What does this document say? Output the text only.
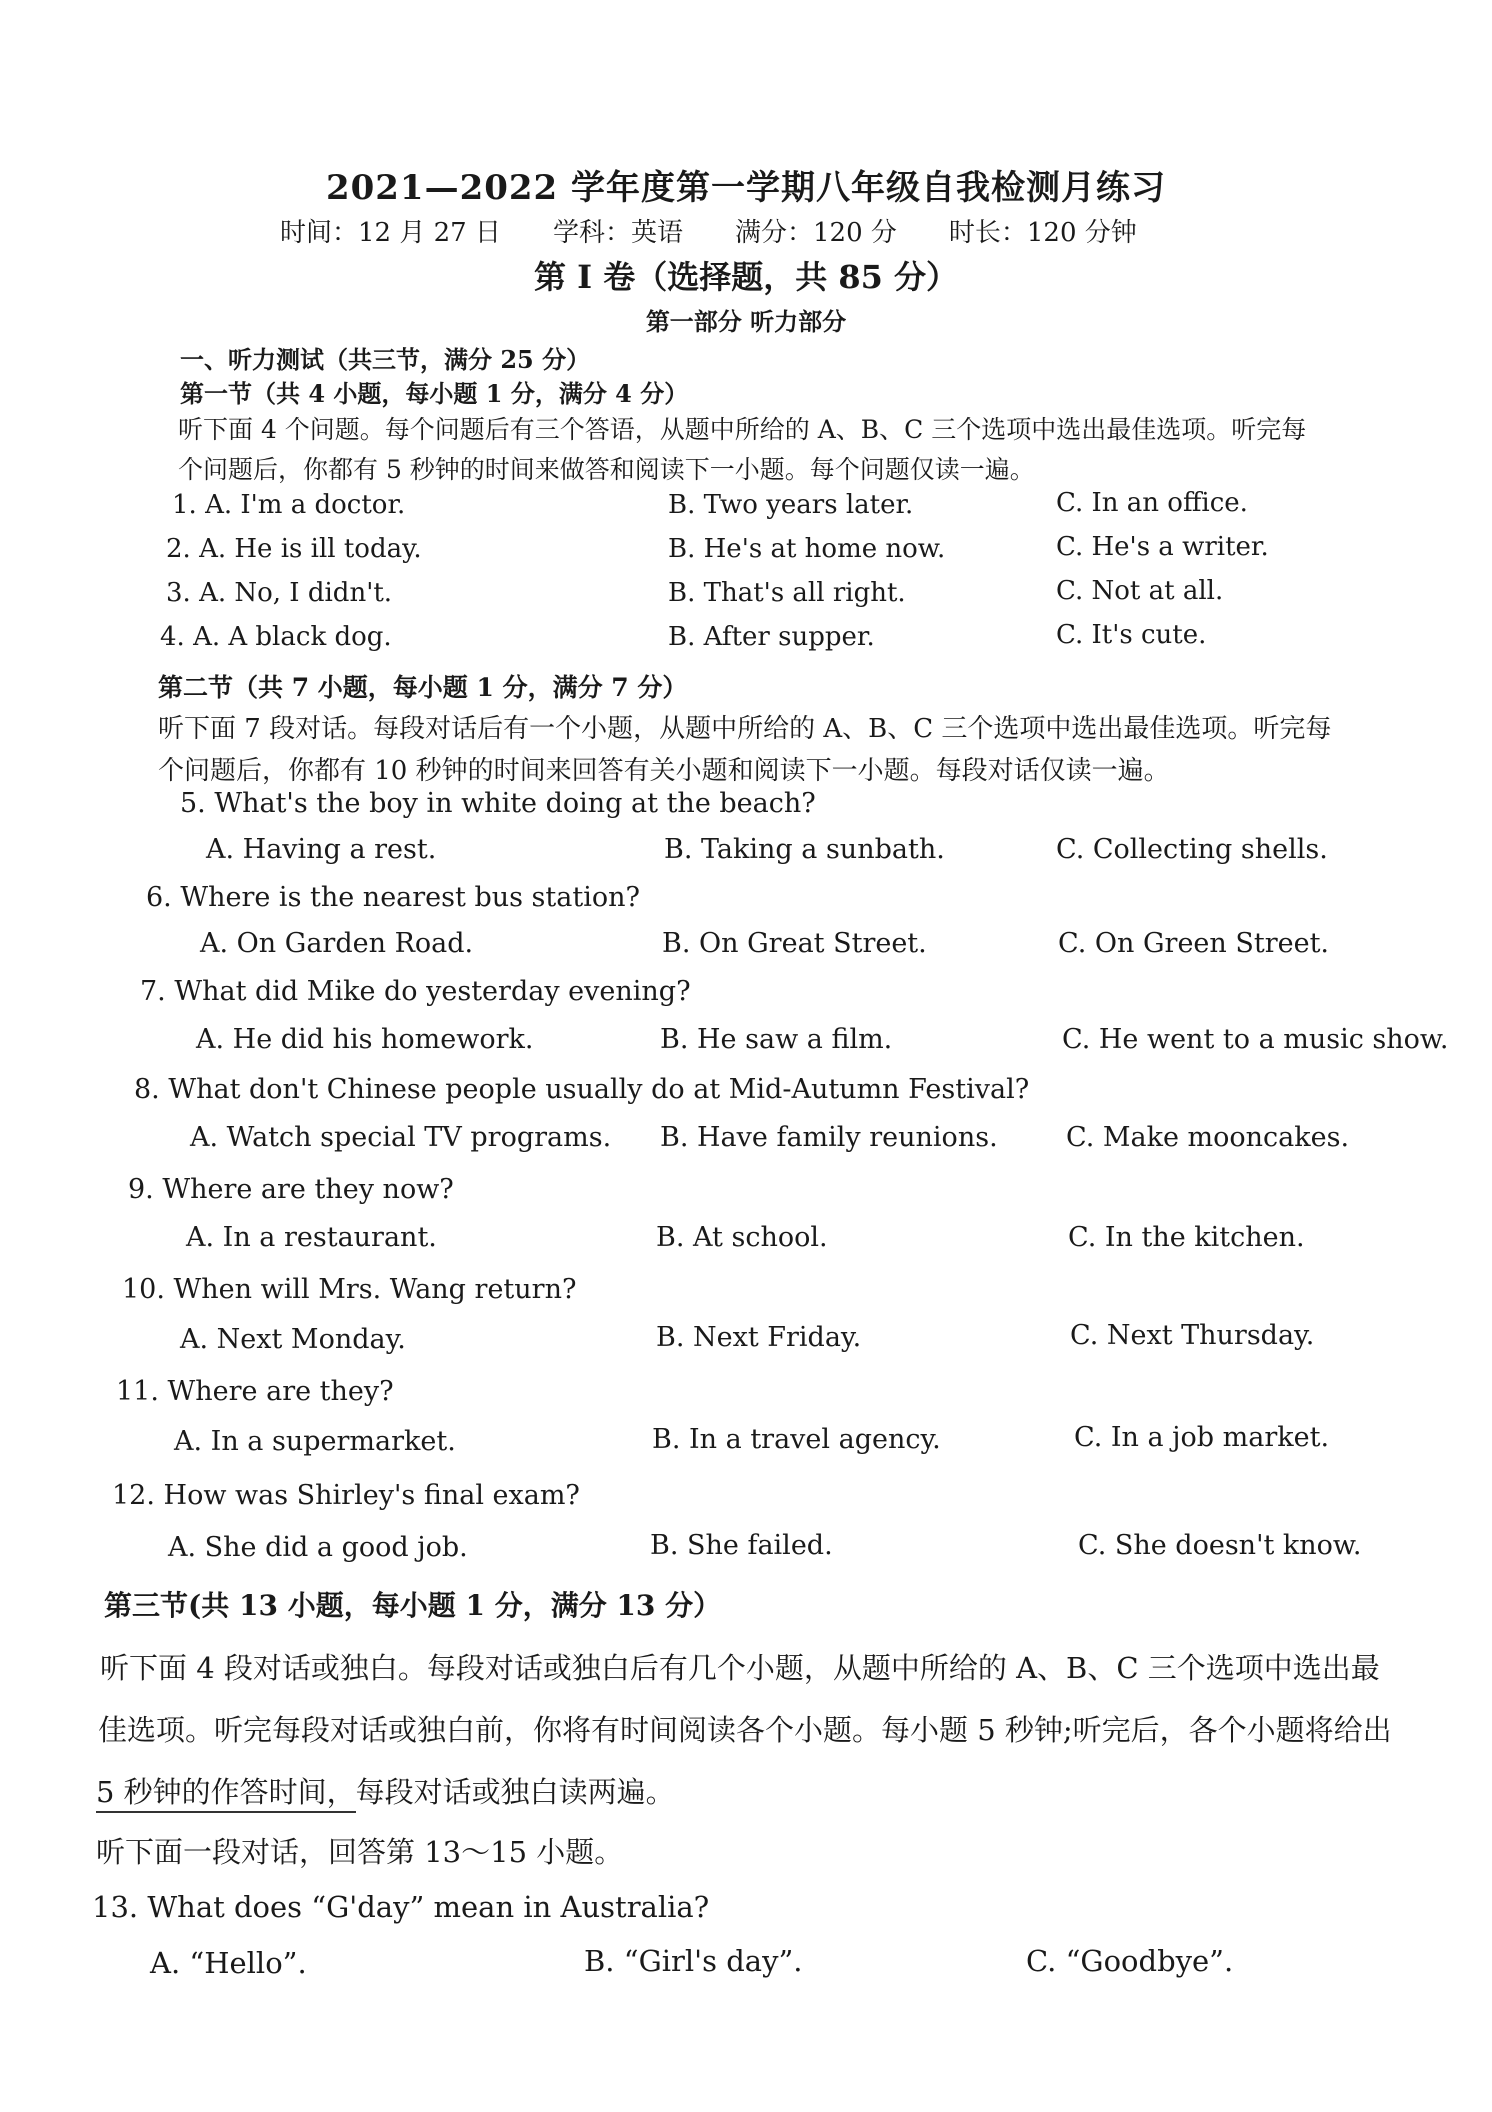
2021—2022 学年度第一学期八年级自我检测月练习
时间：12 月 27 日 学科：英语 满分：120 分 时长：120 分钟
第 I 卷（选择题，共 85 分）
第一部分 听力部分
一、听力测试（共三节，满分 25 分）
第一节（共 4 小题，每小题 1 分，满分 4 分）
听下面 4 个问题。每个问题后有三个答语，从题中所给的 A、B、C 三个选项中选出最佳选项。听完每
个问题后，你都有 5 秒钟的时间来做答和阅读下一小题。每个问题仅读一遍。
1. A. I'm a doctor.	B. Two years later.	C. In an office.
2. A. He is ill today.	B. He's at home now.	C. He's a writer.
3. A. No, I didn't.	B. That's all right.	C. Not at all.
4. A. A black dog.	B. After supper.	C. It's cute.
第二节（共 7 小题，每小题 1 分，满分 7 分）
听下面 7 段对话。每段对话后有一个小题，从题中所给的 A、B、C 三个选项中选出最佳选项。听完每
个问题后，你都有 10 秒钟的时间来回答有关小题和阅读下一小题。每段对话仅读一遍。
5. What's the boy in white doing at the beach?
A. Having a rest.	B. Taking a sunbath.	C. Collecting shells.
6. Where is the nearest bus station?
A. On Garden Road.	B. On Great Street.	C. On Green Street.
7. What did Mike do yesterday evening?
A. He did his homework.	B. He saw a film.	C. He went to a music show.
8. What don't Chinese people usually do at Mid-Autumn Festival?
A. Watch special TV programs. B. Have family reunions.	C. Make mooncakes.
9. Where are they now?
A. In a restaurant.	B. At school.	C. In the kitchen.
10. When will Mrs. Wang return?
A. Next Monday.	B. Next Friday.	C. Next Thursday.
11. Where are they?
A. In a supermarket.	B. In a travel agency.	C. In a job market.
12. How was Shirley's final exam?
A. She did a good job.	B. She failed.	C. She doesn't know.
第三节(共 13 小题，每小题 1 分，满分 13 分）
听下面 4 段对话或独白。每段对话或独白后有几个小题，从题中所给的 A、B、C 三个选项中选出最
佳选项。听完每段对话或独白前，你将有时间阅读各个小题。每小题 5 秒钟;听完后，各个小题将给出
5 秒钟的作答时间，每段对话或独白读两遍。
听下面一段对话，回答第 13～15 小题。
13. What does “G'day” mean in Australia?
A. “Hello”.	B. “Girl's day”.	C. “Goodbye”.
